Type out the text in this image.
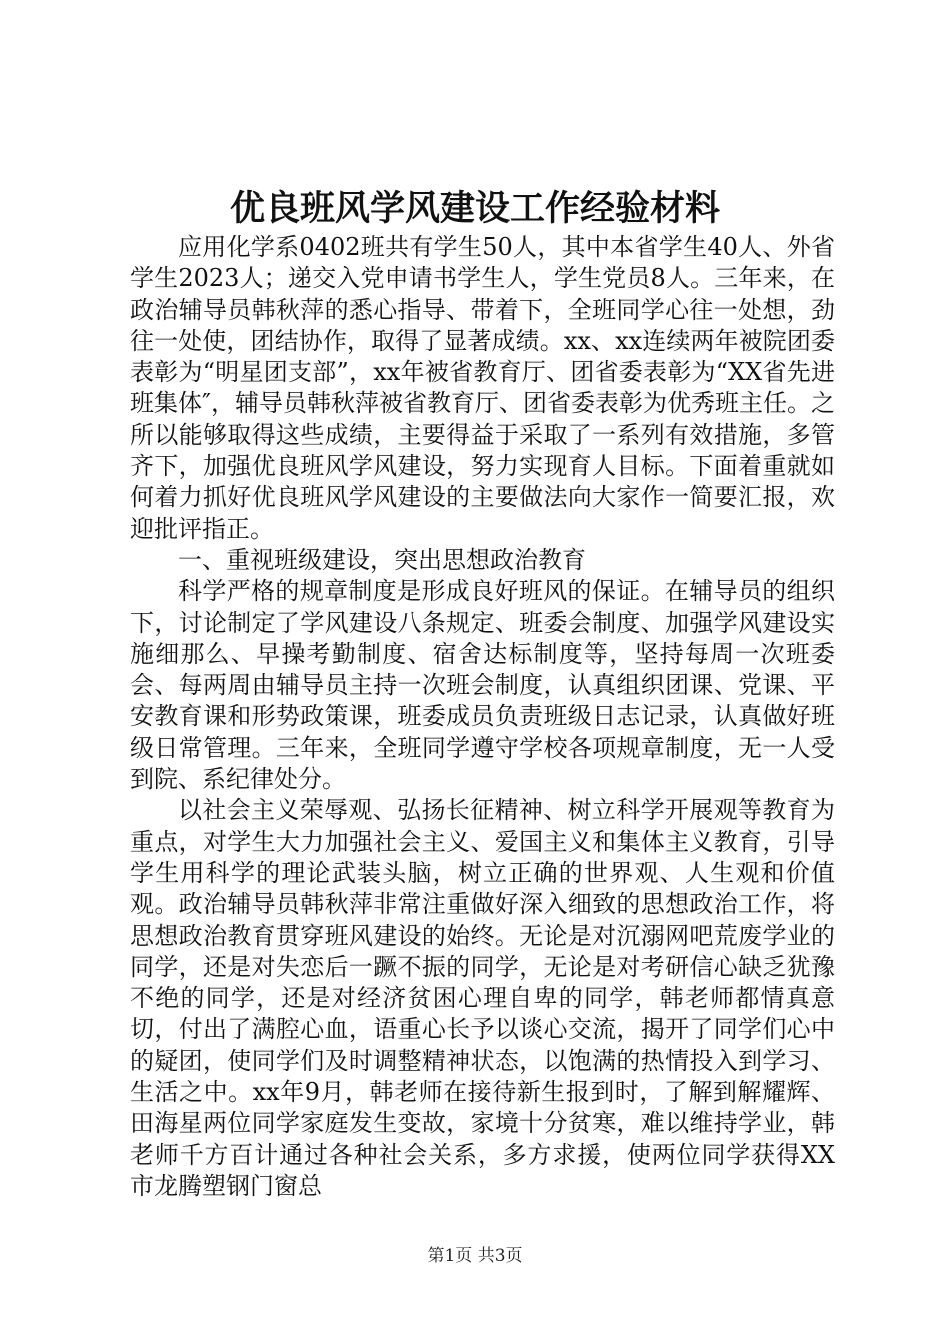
优良班风学风建设工作经验材料

应用化学系0402班共有学生50人，其中本省学生40人、外省学生2023人；递交入党申请书学生人，学生党员8人。三年来，在政治辅导员韩秋萍的悉心指导、带着下，全班同学心往一处想，劲往一处使，团结协作，取得了显著成绩。xx、xx连续两年被院团委表彰为“明星团支部”，xx年被省教育厅、团省委表彰为“XX省先进班集体″，辅导员韩秋萍被省教育厅、团省委表彰为优秀班主任。之所以能够取得这些成绩，主要得益于采取了一系列有效措施，多管齐下，加强优良班风学风建设，努力实现育人目标。下面着重就如何着力抓好优良班风学风建设的主要做法向大家作一简要汇报，欢迎批评指正。

一、重视班级建设，突出思想政治教育

科学严格的规章制度是形成良好班风的保证。在辅导员的组织下，讨论制定了学风建设八条规定、班委会制度、加强学风建设实施细那么、早操考勤制度、宿舍达标制度等，坚持每周一次班委会、每两周由辅导员主持一次班会制度，认真组织团课、党课、平安教育课和形势政策课，班委成员负责班级日志记录，认真做好班级日常管理。三年来，全班同学遵守学校各项规章制度，无一人受到院、系纪律处分。

以社会主义荣辱观、弘扬长征精神、树立科学开展观等教育为重点，对学生大力加强社会主义、爱国主义和集体主义教育，引导学生用科学的理论武装头脑，树立正确的世界观、人生观和价值观。政治辅导员韩秋萍非常注重做好深入细致的思想政治工作，将思想政治教育贯穿班风建设的始终。无论是对沉溺网吧荒废学业的同学，还是对失恋后一蹶不振的同学，无论是对考研信心缺乏犹豫不绝的同学，还是对经济贫困心理自卑的同学，韩老师都情真意切，付出了满腔心血，语重心长予以谈心交流，揭开了同学们心中的疑团，使同学们及时调整精神状态，以饱满的热情投入到学习、生活之中。xx年9月，韩老师在接待新生报到时，了解到解耀辉、田海星两位同学家庭发生变故，家境十分贫寒，难以维持学业，韩老师千方百计通过各种社会关系，多方求援，使两位同学获得XX市龙腾塑钢门窗总

第1页 共3页
